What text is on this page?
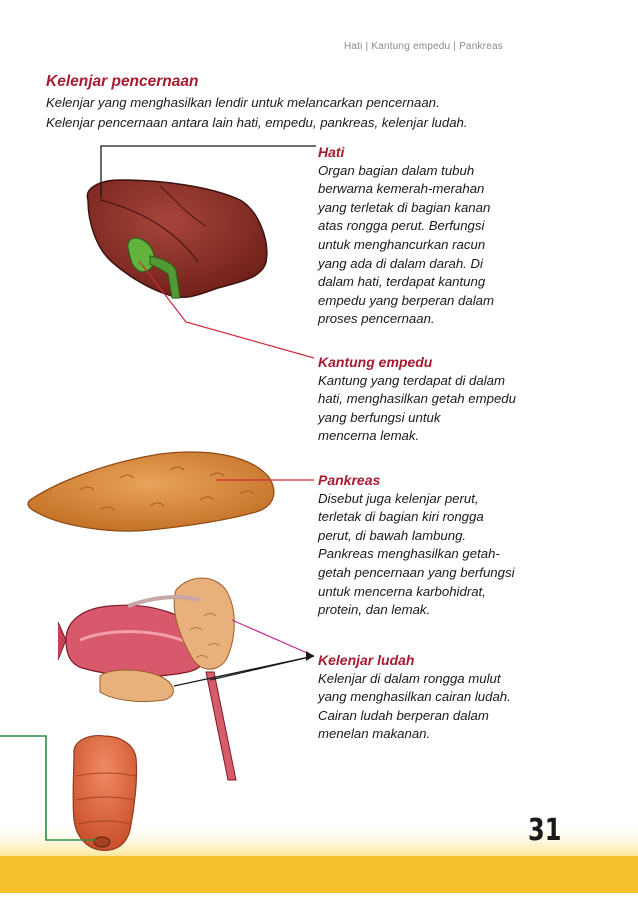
Hati | Kantung empedu | Pankreas
Kelenjar pencernaan
Kelenjar yang menghasilkan lendir untuk melancarkan pencernaan.
Kelenjar pencernaan antara lain hati, empedu, pankreas, kelenjar ludah.
Hati
Organ bagian dalam tubuh
berwarna kemerah-merahan
yang terletak di bagian kanan
atas rongga perut. Berfungsi
untuk menghancurkan racun
yang ada di dalam darah. Di
dalam hati, terdapat kantung
empedu yang berperan dalam
proses pencernaan.
Kantung empedu
Kantung yang terdapat di dalam
hati, menghasilkan getah empedu
yang berfungsi untuk
mencerna lemak.
Pankreas
Disebut juga kelenjar perut,
terletak di bagian kiri rongga
perut, di bawah lambung.
Pankreas menghasilkan getah-
getah pencernaan yang berfungsi
untuk mencerna karbohidrat,
protein, dan lemak.
Kelenjar ludah
Kelenjar di dalam rongga mulut
yang menghasilkan cairan ludah.
Cairan ludah berperan dalam
menelan makanan.
31
